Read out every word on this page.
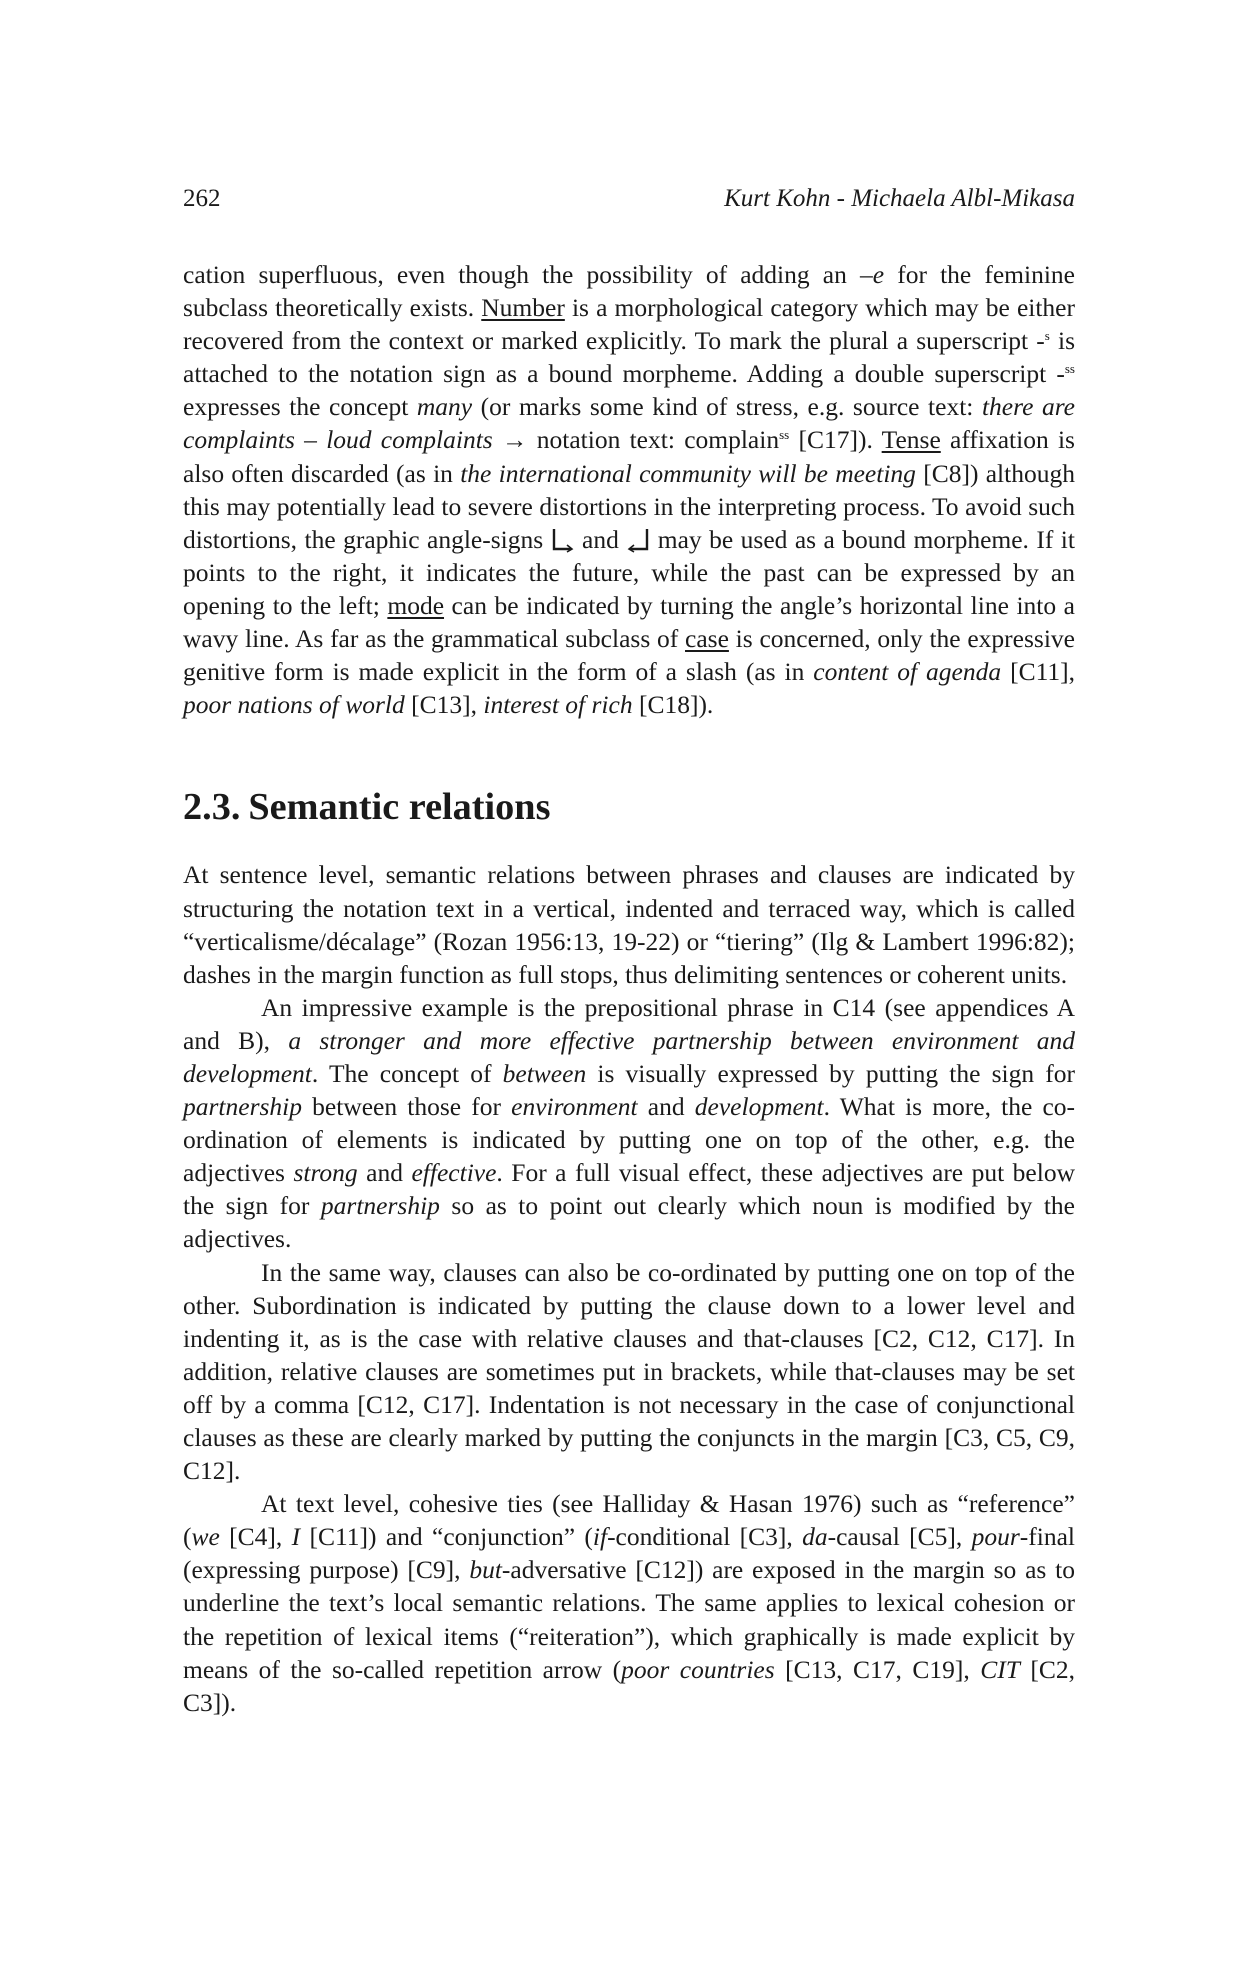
262	Kurt Kohn - Michaela Albl-Mikasa

cation superfluous, even though the possibility of adding an –e for the feminine subclass theoretically exists. Number is a morphological category which may be either recovered from the context or marked explicitly. To mark the plural a superscript -$^s$ is attached to the notation sign as a bound morpheme. Adding a double superscript -$^{ss}$ expresses the concept many (or marks some kind of stress, e.g. source text: there are complaints – loud complaints → notation text: complain$^{ss}$ [C17]). Tense affixation is also often discarded (as in the international community will be meeting [C8]) although this may potentially lead to severe distortions in the interpreting process. To avoid such distortions, the graphic angle-signs
and
may be used as a bound morpheme. If it points to the right, it indicates the future, while the past can be expressed by an opening to the left; mode can be indicated by turning the angle’s horizontal line into a wavy line. As far as the grammatical subclass of case is concerned, only the expressive genitive form is made explicit in the form of a slash (as in content of agenda [C11], poor nations of world [C13], interest of rich [C18]).

2.3. Semantic relations

At sentence level, semantic relations between phrases and clauses are indicated by structuring the notation text in a vertical, indented and terraced way, which is called “verticalisme/décalage” (Rozan 1956:13, 19-22) or “tiering” (Ilg & Lambert 1996:82); dashes in the margin function as full stops, thus delimiting sentences or coherent units.

An impressive example is the prepositional phrase in C14 (see appendices A and B), a stronger and more effective partnership between environment and development. The concept of between is visually expressed by putting the sign for partnership between those for environment and development. What is more, the co-ordination of elements is indicated by putting one on top of the other, e.g. the adjectives strong and effective. For a full visual effect, these adjectives are put below the sign for partnership so as to point out clearly which noun is modified by the adjectives.

In the same way, clauses can also be co-ordinated by putting one on top of the other. Subordination is indicated by putting the clause down to a lower level and indenting it, as is the case with relative clauses and that-clauses [C2, C12, C17]. In addition, relative clauses are sometimes put in brackets, while that-clauses may be set off by a comma [C12, C17]. Indentation is not necessary in the case of conjunctional clauses as these are clearly marked by putting the conjuncts in the margin [C3, C5, C9, C12].

At text level, cohesive ties (see Halliday & Hasan 1976) such as “reference” (we [C4], I [C11]) and “conjunction” (if-conditional [C3], da-causal [C5], pour-final (expressing purpose) [C9], but-adversative [C12]) are exposed in the margin so as to underline the text’s local semantic relations. The same applies to lexical cohesion or the repetition of lexical items (“reiteration”), which graphically is made explicit by means of the so-called repetition arrow (poor countries [C13, C17, C19], CIT [C2, C3]).
